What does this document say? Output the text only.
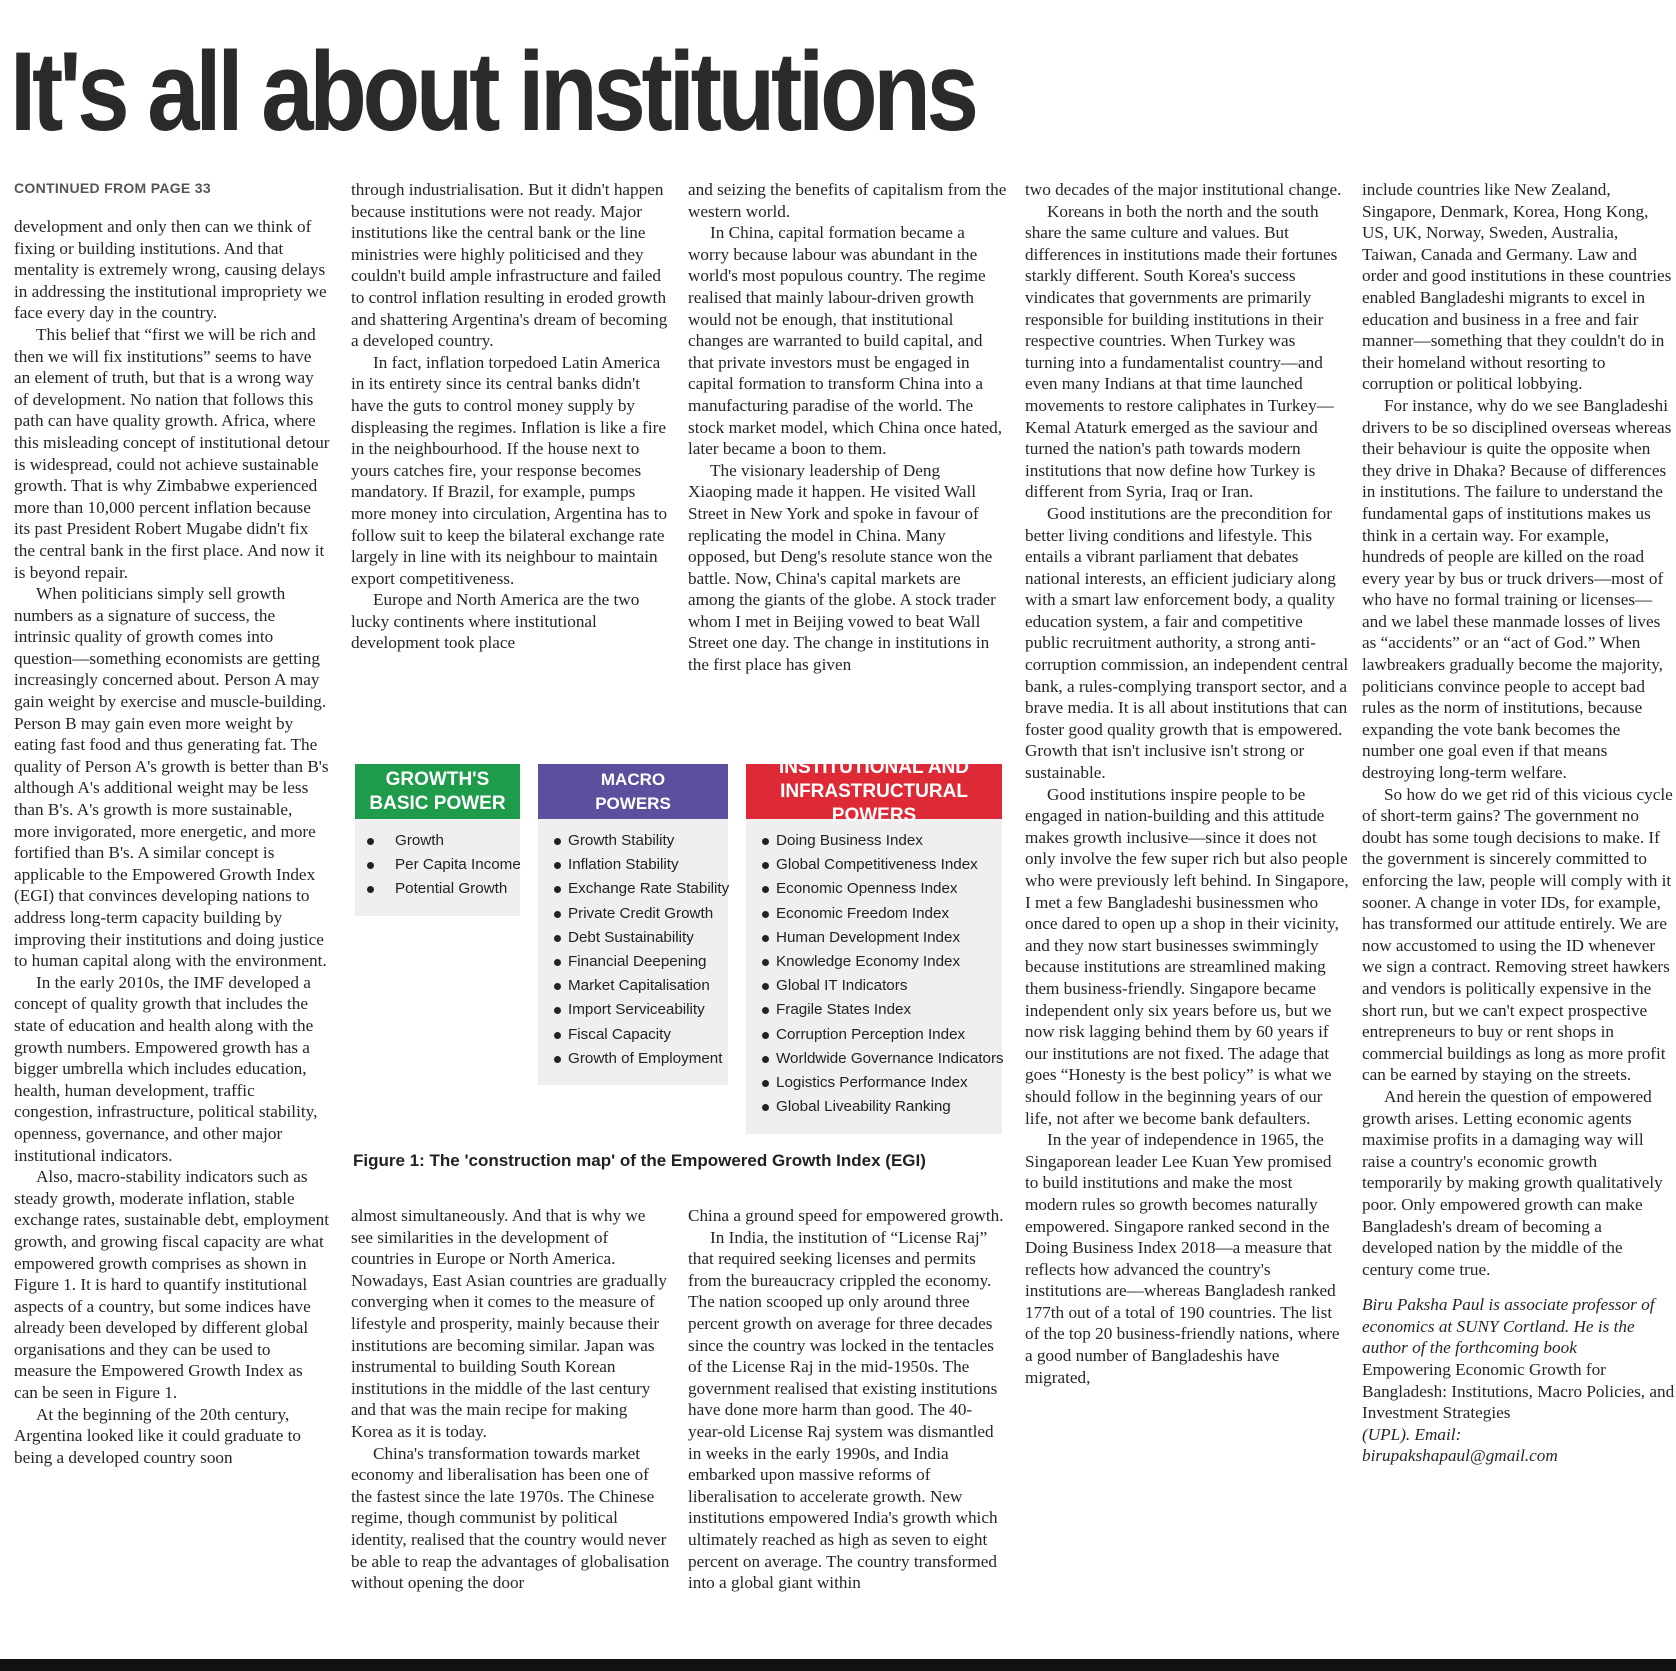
It's all about institutions
CONTINUED FROM PAGE 33

development and only then can we think of fixing or building institutions. And that mentality is extremely wrong, causing delays in addressing the institutional impropriety we face every day in the country.

This belief that “first we will be rich and then we will fix institutions” seems to have an element of truth, but that is a wrong way of development. No nation that follows this path can have quality growth. Africa, where this misleading concept of institutional detour is widespread, could not achieve sustainable growth. That is why Zimbabwe experienced more than 10,000 percent inflation because its past President Robert Mugabe didn't fix the central bank in the first place. And now it is beyond repair.

When politicians simply sell growth numbers as a signature of success, the intrinsic quality of growth comes into question—something economists are getting increasingly concerned about. Person A may gain weight by exercise and muscle-building. Person B may gain even more weight by eating fast food and thus generating fat. The quality of Person A's growth is better than B's although A's additional weight may be less than B's. A's growth is more sustainable, more invigorated, more energetic, and more fortified than B's. A similar concept is applicable to the Empowered Growth Index (EGI) that convinces developing nations to address long-term capacity building by improving their institutions and doing justice to human capital along with the environment.

In the early 2010s, the IMF developed a concept of quality growth that includes the state of education and health along with the growth numbers. Empowered growth has a bigger umbrella which includes education, health, human development, traffic congestion, infrastructure, political stability, openness, governance, and other major institutional indicators.

Also, macro-stability indicators such as steady growth, moderate inflation, stable exchange rates, sustainable debt, employment growth, and growing fiscal capacity are what empowered growth comprises as shown in Figure 1. It is hard to quantify institutional aspects of a country, but some indices have already been developed by different global organisations and they can be used to measure the Empowered Growth Index as can be seen in Figure 1.

At the beginning of the 20th century, Argentina looked like it could graduate to being a developed country soon

through industrialisation. But it didn't happen because institutions were not ready. Major institutions like the central bank or the line ministries were highly politicised and they couldn't build ample infrastructure and failed to control inflation resulting in eroded growth and shattering Argentina's dream of becoming a developed country.

In fact, inflation torpedoed Latin America in its entirety since its central banks didn't have the guts to control money supply by displeasing the regimes. Inflation is like a fire in the neighbourhood. If the house next to yours catches fire, your response becomes mandatory. If Brazil, for example, pumps more money into circulation, Argentina has to follow suit to keep the bilateral exchange rate largely in line with its neighbour to maintain export competitiveness.

Europe and North America are the two lucky continents where institutional development took place

and seizing the benefits of capitalism from the western world.

In China, capital formation became a worry because labour was abundant in the world's most populous country. The regime realised that mainly labour-driven growth would not be enough, that institutional changes are warranted to build capital, and that private investors must be engaged in capital formation to transform China into a manufacturing paradise of the world. The stock market model, which China once hated, later became a boon to them.

The visionary leadership of Deng Xiaoping made it happen. He visited Wall Street in New York and spoke in favour of replicating the model in China. Many opposed, but Deng's resolute stance won the battle. Now, China's capital markets are among the giants of the globe. A stock trader whom I met in Beijing vowed to beat Wall Street one day. The change in institutions in the first place has given

almost simultaneously. And that is why we see similarities in the development of countries in Europe or North America. Nowadays, East Asian countries are gradually converging when it comes to the measure of lifestyle and prosperity, mainly because their institutions are becoming similar. Japan was instrumental to building South Korean institutions in the middle of the last century and that was the main recipe for making Korea as it is today.

China's transformation towards market economy and liberalisation has been one of the fastest since the late 1970s. The Chinese regime, though communist by political identity, realised that the country would never be able to reap the advantages of globalisation without opening the door

China a ground speed for empowered growth.

In India, the institution of “License Raj” that required seeking licenses and permits from the bureaucracy crippled the economy. The nation scooped up only around three percent growth on average for three decades since the country was locked in the tentacles of the License Raj in the mid-1950s. The government realised that existing institutions have done more harm than good. The 40-year-old License Raj system was dismantled in weeks in the early 1990s, and India embarked upon massive reforms of liberalisation to accelerate growth. New institutions empowered India's growth which ultimately reached as high as seven to eight percent on average. The country transformed into a global giant within

two decades of the major institutional change.

Koreans in both the north and the south share the same culture and values. But differences in institutions made their fortunes starkly different. South Korea's success vindicates that governments are primarily responsible for building institutions in their respective countries. When Turkey was turning into a fundamentalist country—and even many Indians at that time launched movements to restore caliphates in Turkey—Kemal Ataturk emerged as the saviour and turned the nation's path towards modern institutions that now define how Turkey is different from Syria, Iraq or Iran.

Good institutions are the precondition for better living conditions and lifestyle. This entails a vibrant parliament that debates national interests, an efficient judiciary along with a smart law enforcement body, a quality education system, a fair and competitive public recruitment authority, a strong anti-corruption commission, an independent central bank, a rules-complying transport sector, and a brave media. It is all about institutions that can foster good quality growth that is empowered. Growth that isn't inclusive isn't strong or sustainable.

Good institutions inspire people to be engaged in nation-building and this attitude makes growth inclusive—since it does not only involve the few super rich but also people who were previously left behind. In Singapore, I met a few Bangladeshi businessmen who once dared to open up a shop in their vicinity, and they now start businesses swimmingly because institutions are streamlined making them business-friendly. Singapore became independent only six years before us, but we now risk lagging behind them by 60 years if our institutions are not fixed. The adage that goes “Honesty is the best policy” is what we should follow in the beginning years of our life, not after we become bank defaulters.

In the year of independence in 1965, the Singaporean leader Lee Kuan Yew promised to build institutions and make the most modern rules so growth becomes naturally empowered. Singapore ranked second in the Doing Business Index 2018—a measure that reflects how advanced the country's institutions are—whereas Bangladesh ranked 177th out of a total of 190 countries. The list of the top 20 business-friendly nations, where a good number of Bangladeshis have migrated,

include countries like New Zealand, Singapore, Denmark, Korea, Hong Kong, US, UK, Norway, Sweden, Australia, Taiwan, Canada and Germany. Law and order and good institutions in these countries enabled Bangladeshi migrants to excel in education and business in a free and fair manner—something that they couldn't do in their homeland without resorting to corruption or political lobbying.

For instance, why do we see Bangladeshi drivers to be so disciplined overseas whereas their behaviour is quite the opposite when they drive in Dhaka? Because of differences in institutions. The failure to understand the fundamental gaps of institutions makes us think in a certain way. For example, hundreds of people are killed on the road every year by bus or truck drivers—most of who have no formal training or licenses—and we label these manmade losses of lives as “accidents” or an “act of God.” When lawbreakers gradually become the majority, politicians convince people to accept bad rules as the norm of institutions, because expanding the vote bank becomes the number one goal even if that means destroying long-term welfare.

So how do we get rid of this vicious cycle of short-term gains? The government no doubt has some tough decisions to make. If the government is sincerely committed to enforcing the law, people will comply with it sooner. A change in voter IDs, for example, has transformed our attitude entirely. We are now accustomed to using the ID whenever we sign a contract. Removing street hawkers and vendors is politically expensive in the short run, but we can't expect prospective entrepreneurs to buy or rent shops in commercial buildings as long as more profit can be earned by staying on the streets.

And herein the question of empowered growth arises. Letting economic agents maximise profits in a damaging way will raise a country's economic growth temporarily by making growth qualitatively poor. Only empowered growth can make Bangladesh's dream of becoming a developed nation by the middle of the century come true.

Biru Paksha Paul is associate professor of economics at SUNY Cortland. He is the author of the forthcoming book

Empowering Economic Growth for Bangladesh: Institutions, Macro Policies, and Investment Strategies

(UPL). Email:

birupakshapaul@gmail.com

GROWTH'S
BASIC POWER
Growth
Per Capita Income
Potential Growth
MACRO
POWERS
Growth Stability
Inflation Stability
Exchange Rate Stability
Private Credit Growth
Debt Sustainability
Financial Deepening
Market Capitalisation
Import Serviceability
Fiscal Capacity
Growth of Employment
INSTITUTIONAL AND
INFRASTRUCTURAL POWERS
Doing Business Index
Global Competitiveness Index
Economic Openness Index
Economic Freedom Index
Human Development Index
Knowledge Economy Index
Global IT Indicators
Fragile States Index
Corruption Perception Index
Worldwide Governance Indicators
Logistics Performance Index
Global Liveability Ranking

Figure 1: The 'construction map' of the Empowered Growth Index (EGI)
